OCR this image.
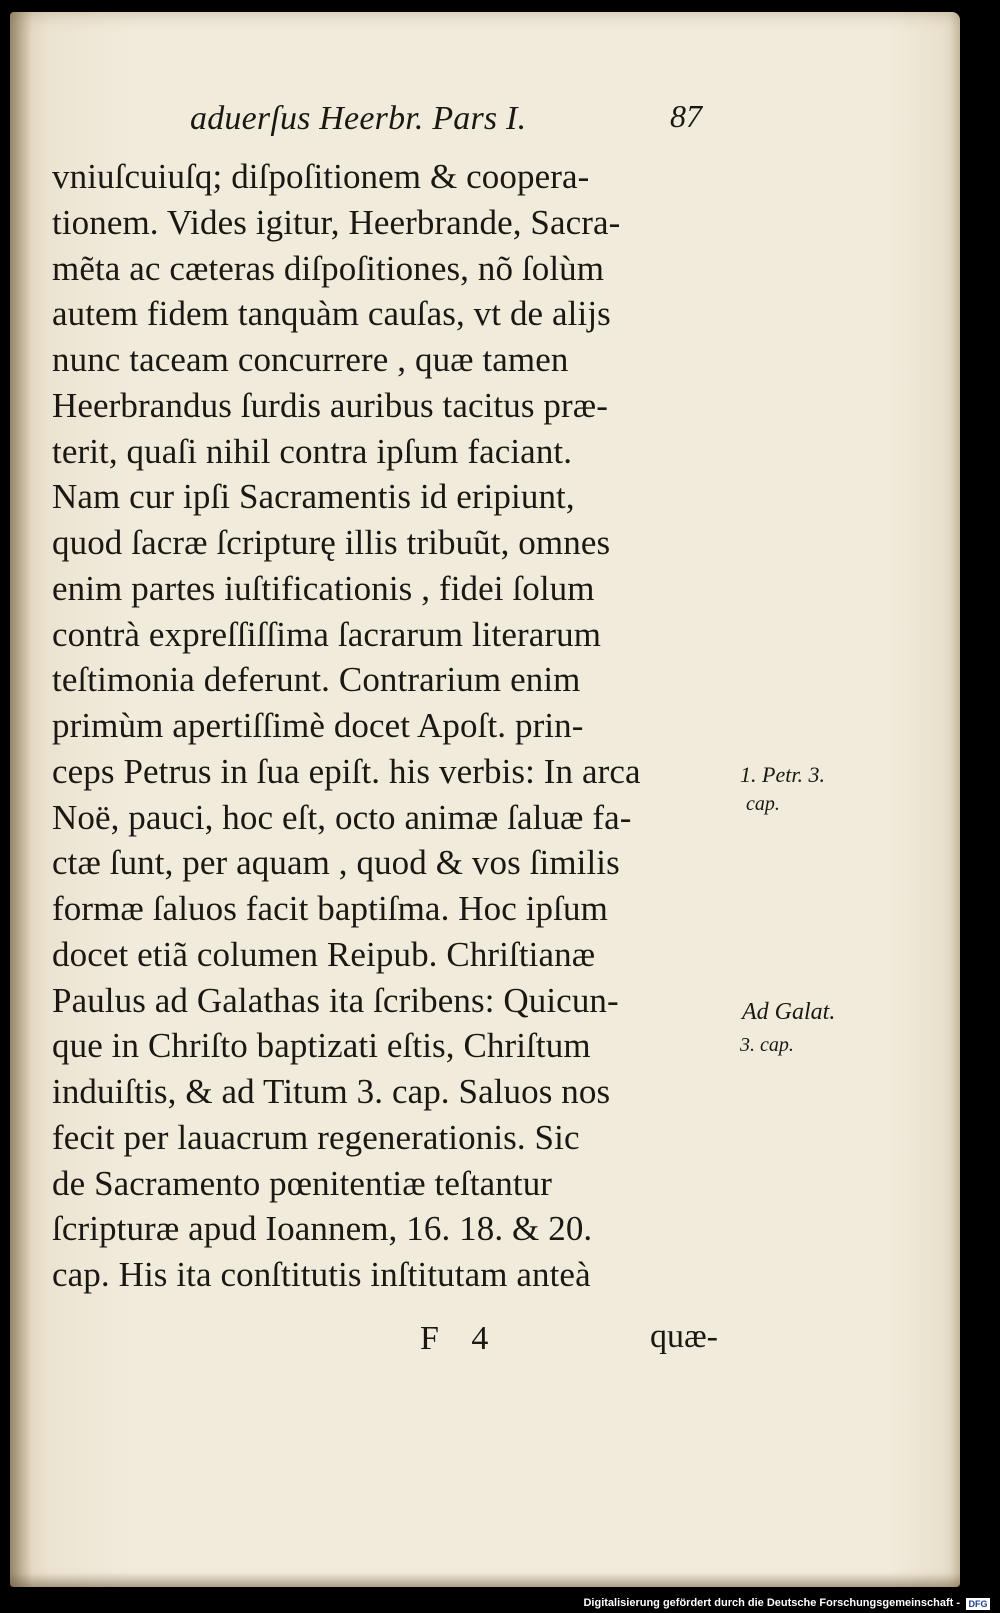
aduerſus Heerbr. Pars I.	87
vniuſcuiuſq; diſpoſitionem & coopera-
tionem. Vides igitur, Heerbrande, Sacra-
mẽta ac cæteras diſpoſitiones, nõ ſolùm
autem fidem tanquàm cauſas, vt de alijs
nunc taceam concurrere , quæ tamen
Heerbrandus ſurdis auribus tacitus præ-
terit, quaſi nihil contra ipſum faciant.
Nam cur ipſi Sacramentis id eripiunt,
quod ſacræ ſcripturę illis tribuũt, omnes
enim partes iuſtificationis , fidei ſolum
contrà expreſſiſſima ſacrarum literarum
teſtimonia deferunt. Contrarium enim
primùm apertiſſimè docet Apoſt. prin-
ceps Petrus in ſua epiſt. his verbis: In arca
Noë, pauci, hoc eſt, octo animæ ſaluæ fa-
ctæ ſunt, per aquam , quod & vos ſimilis
formæ ſaluos facit baptiſma. Hoc ipſum
docet etiã columen Reipub. Chriſtianæ
Paulus ad Galathas ita ſcribens: Quicun-
que in Chriſto baptizati eſtis, Chriſtum
induiſtis, & ad Titum 3. cap. Saluos nos
fecit per lauacrum regenerationis. Sic
de Sacramento pœnitentiæ teſtantur
ſcripturæ apud Ioannem, 16. 18. & 20.
cap. His ita conſtitutis inſtitutam anteà
1. Petr. 3.
cap.
Ad Galat.
3. cap.
F 4	quæ-
Digitalisierung gefördert durch die Deutsche Forschungsgemeinschaft - DFG
